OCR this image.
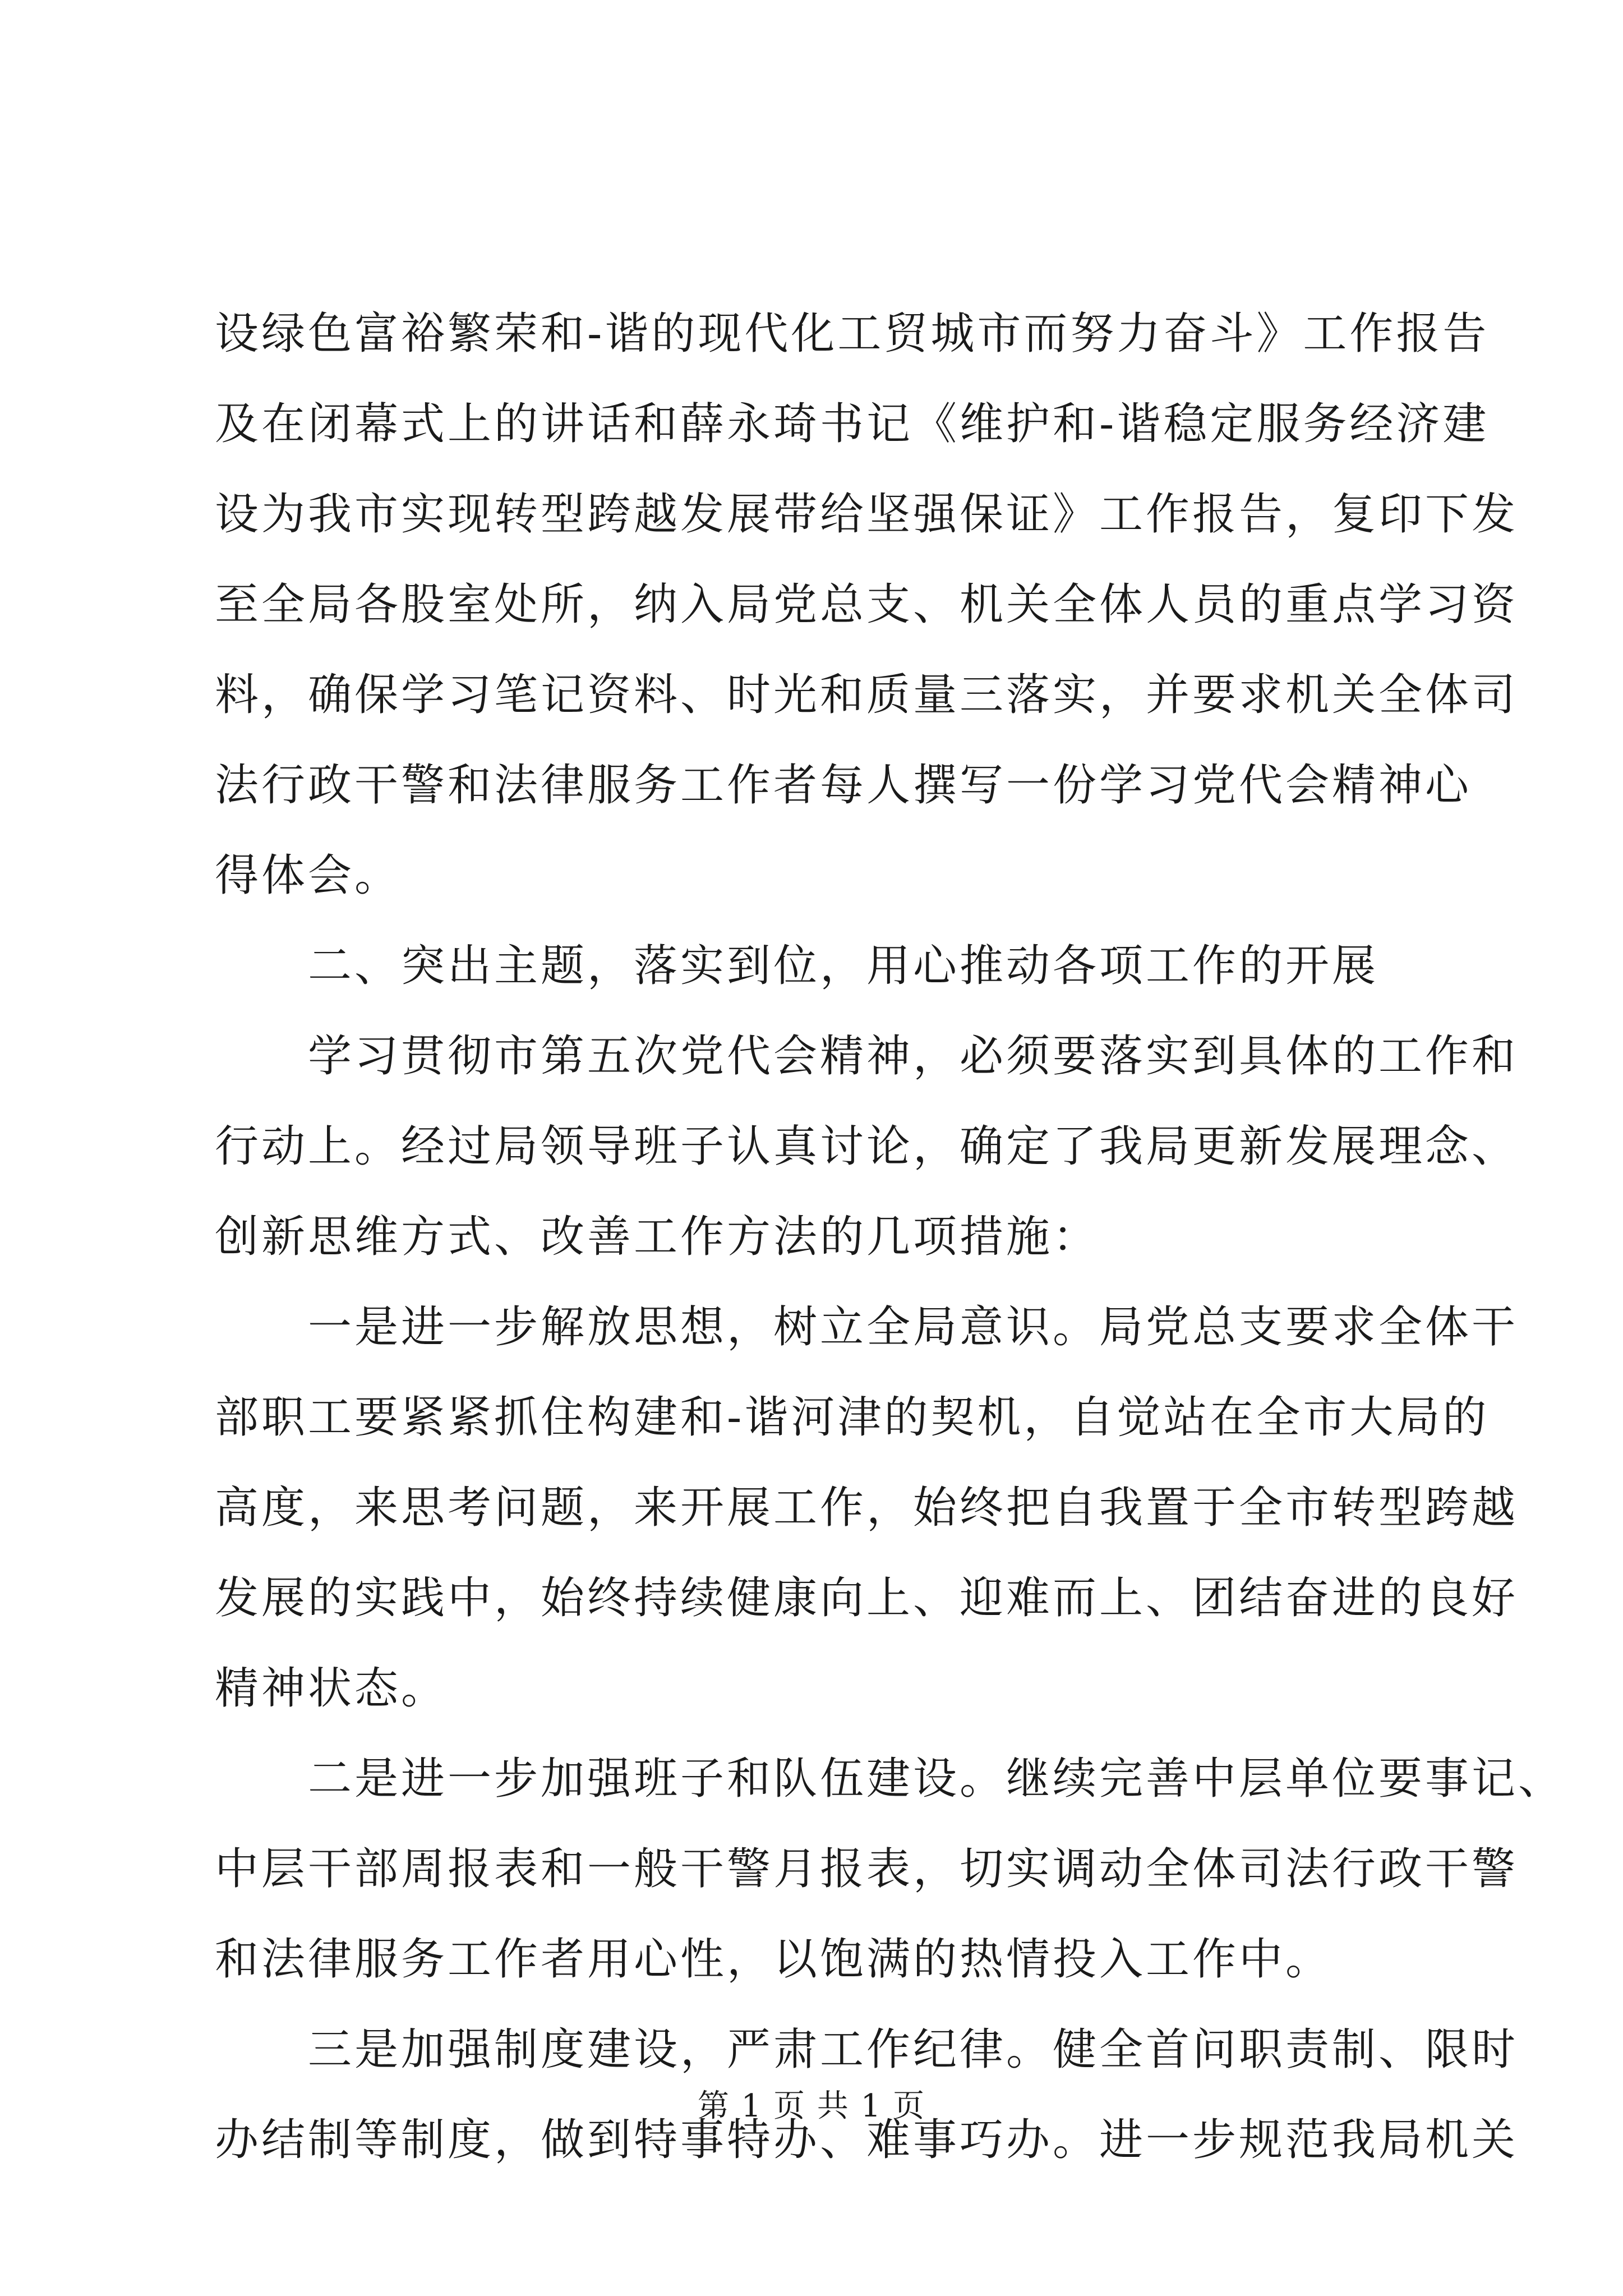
设绿色富裕繁荣和-谐的现代化工贸城市而努力奋斗》工作报告
及在闭幕式上的讲话和薛永琦书记《维护和-谐稳定服务经济建
设为我市实现转型跨越发展带给坚强保证》工作报告，复印下发
至全局各股室处所，纳入局党总支、机关全体人员的重点学习资
料，确保学习笔记资料、时光和质量三落实，并要求机关全体司
法行政干警和法律服务工作者每人撰写一份学习党代会精神心
得体会。
　　二、突出主题，落实到位，用心推动各项工作的开展
　　学习贯彻市第五次党代会精神，必须要落实到具体的工作和
行动上。经过局领导班子认真讨论，确定了我局更新发展理念、
创新思维方式、改善工作方法的几项措施：
　　一是进一步解放思想，树立全局意识。局党总支要求全体干
部职工要紧紧抓住构建和-谐河津的契机，自觉站在全市大局的
高度，来思考问题，来开展工作，始终把自我置于全市转型跨越
发展的实践中，始终持续健康向上、迎难而上、团结奋进的良好
精神状态。
　　二是进一步加强班子和队伍建设。继续完善中层单位要事记、
中层干部周报表和一般干警月报表，切实调动全体司法行政干警
和法律服务工作者用心性，以饱满的热情投入工作中。
　　三是加强制度建设，严肃工作纪律。健全首问职责制、限时
办结制等制度，做到特事特办、难事巧办。进一步规范我局机关
第 1 页 共 1 页
